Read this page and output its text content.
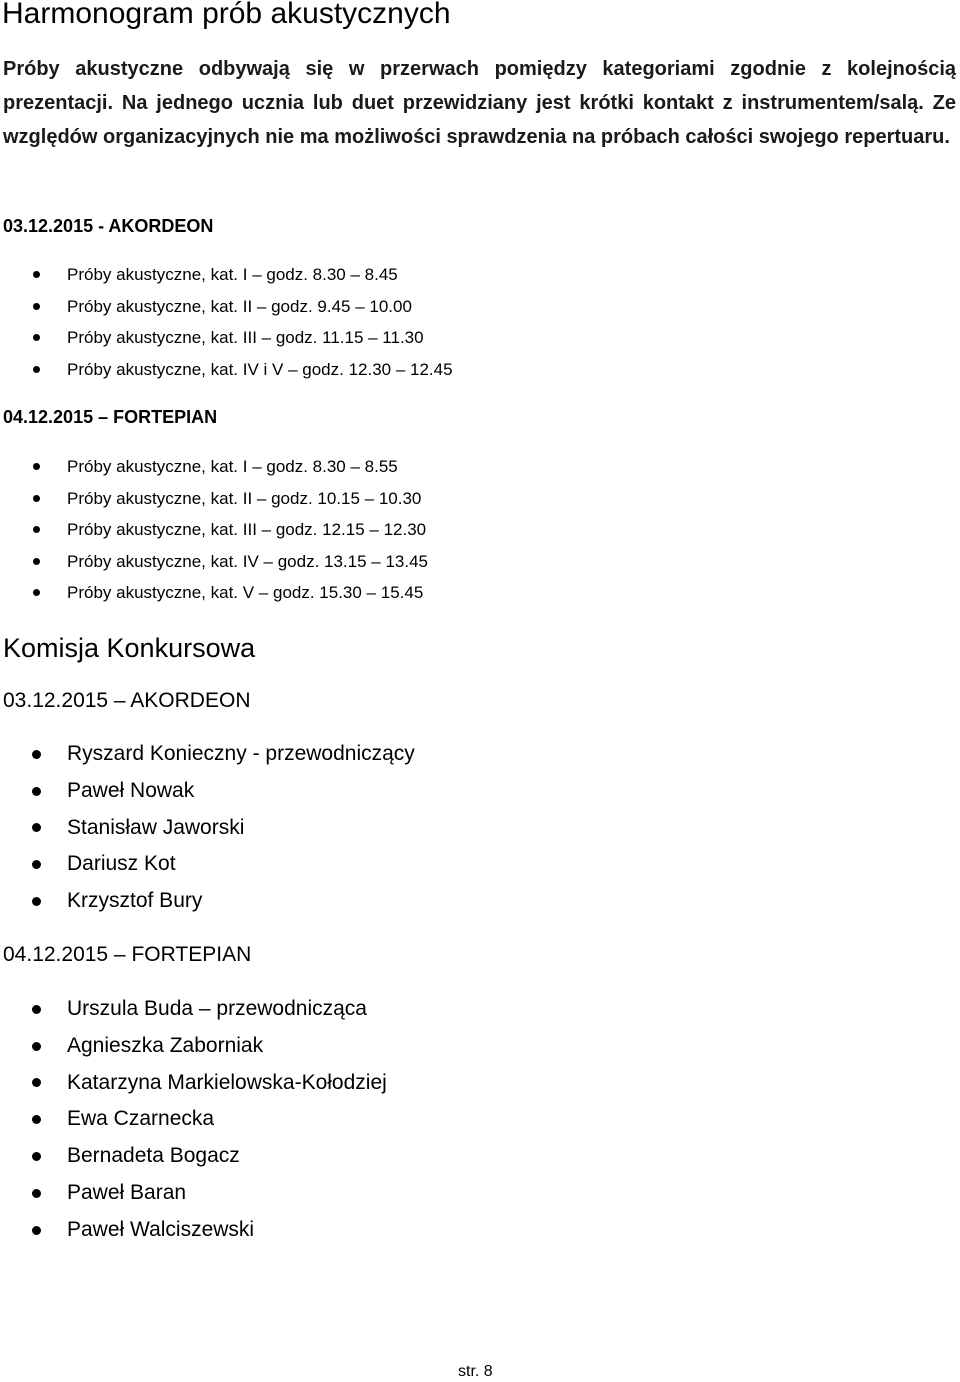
Harmonogram prób akustycznych

Próby akustyczne odbywają się w przerwach pomiędzy kategoriami zgodnie z kolejnością prezentacji. Na jednego ucznia lub duet przewidziany jest krótki kontakt z instrumentem/salą. Ze względów organizacyjnych nie ma możliwości sprawdzenia na próbach całości swojego repertuaru.

03.12.2015 - AKORDEON

Próby akustyczne, kat. I – godz. 8.30 – 8.45
Próby akustyczne, kat. II – godz. 9.45 – 10.00
Próby akustyczne, kat. III – godz. 11.15 – 11.30
Próby akustyczne, kat. IV i V – godz. 12.30 – 12.45

04.12.2015 – FORTEPIAN

Próby akustyczne, kat. I – godz. 8.30 – 8.55
Próby akustyczne, kat. II – godz. 10.15 – 10.30
Próby akustyczne, kat. III – godz. 12.15 – 12.30
Próby akustyczne, kat. IV – godz. 13.15 – 13.45
Próby akustyczne, kat. V – godz. 15.30 – 15.45
Komisja Konkursowa

03.12.2015 – AKORDEON

Ryszard Konieczny - przewodniczący
Paweł Nowak
Stanisław Jaworski
Dariusz Kot
Krzysztof Bury

04.12.2015 – FORTEPIAN

Urszula Buda – przewodnicząca
Agnieszka Zaborniak
Katarzyna Markielowska-Kołodziej
Ewa Czarnecka
Bernadeta Bogacz
Paweł Baran
Paweł Walciszewski

str. 8
